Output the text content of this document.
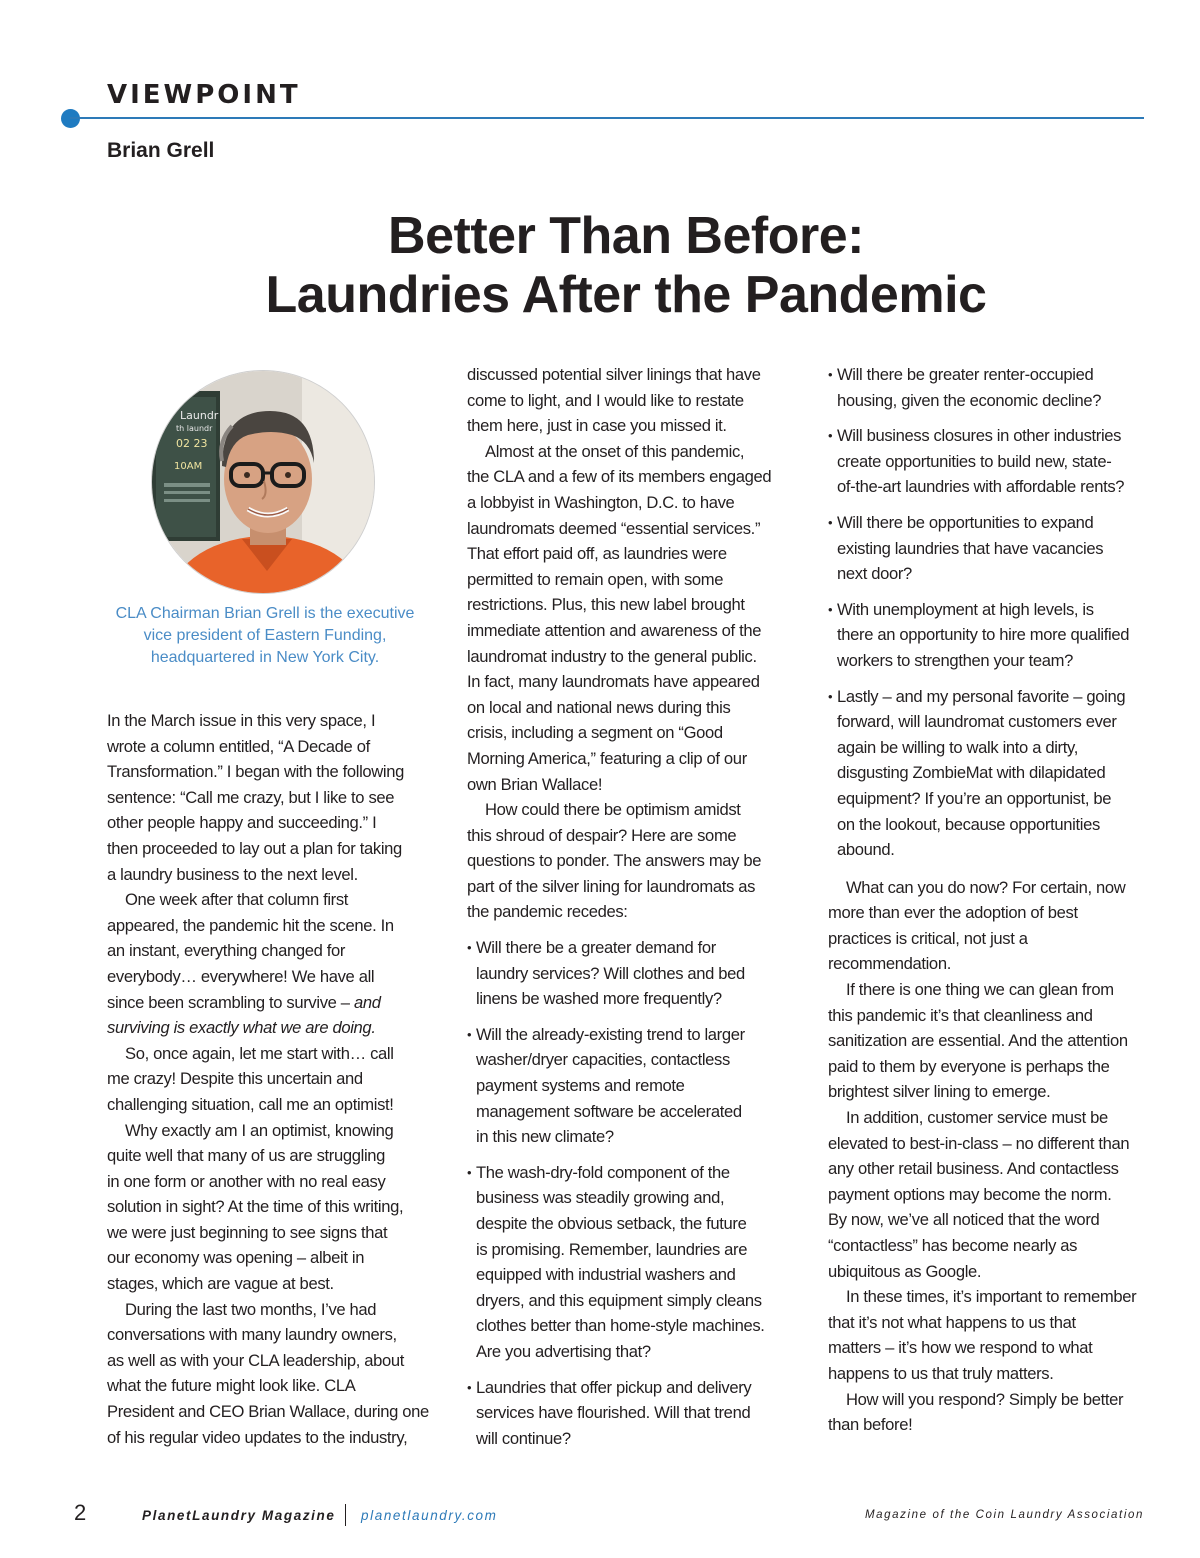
VIEWPOINT
Brian Grell
Better Than Before:
Laundries After the Pandemic
Laundr
th laundr
02 23
10AM
CLA Chairman Brian Grell is the executive
vice president of Eastern Funding,
headquartered in New York City.

In the March issue in this very space, I
wrote a column entitled, “A Decade of
Transformation.” I began with the following
sentence: “Call me crazy, but I like to see
other people happy and succeeding.” I
then proceeded to lay out a plan for taking
a laundry business to the next level.

One week after that column first
appeared, the pandemic hit the scene. In
an instant, everything changed for
everybody… everywhere! We have all
since been scrambling to survive – and
surviving is exactly what we are doing.

So, once again, let me start with… call
me crazy! Despite this uncertain and
challenging situation, call me an optimist!

Why exactly am I an optimist, knowing
quite well that many of us are struggling
in one form or another with no real easy
solution in sight? At the time of this writing,
we were just beginning to see signs that
our economy was opening – albeit in
stages, which are vague at best.

During the last two months, I’ve had
conversations with many laundry owners,
as well as with your CLA leadership, about
what the future might look like. CLA
President and CEO Brian Wallace, during one
of his regular video updates to the industry,

discussed potential silver linings that have
come to light, and I would like to restate
them here, just in case you missed it.

Almost at the onset of this pandemic,
the CLA and a few of its members engaged
a lobbyist in Washington, D.C. to have
laundromats deemed “essential services.”
That effort paid off, as laundries were
permitted to remain open, with some
restrictions. Plus, this new label brought
immediate attention and awareness of the
laundromat industry to the general public.
In fact, many laundromats have appeared
on local and national news during this
crisis, including a segment on “Good
Morning America,” featuring a clip of our
own Brian Wallace!

How could there be optimism amidst
this shroud of despair? Here are some
questions to ponder. The answers may be
part of the silver lining for laundromats as
the pandemic recedes:

• Will there be a greater demand for
laundry services? Will clothes and bed
linens be washed more frequently?
• Will the already-existing trend to larger
washer/dryer capacities, contactless
payment systems and remote
management software be accelerated
in this new climate?
• The wash-dry-fold component of the
business was steadily growing and,
despite the obvious setback, the future
is promising. Remember, laundries are
equipped with industrial washers and
dryers, and this equipment simply cleans
clothes better than home-style machines.
Are you advertising that?
• Laundries that offer pickup and delivery
services have flourished. Will that trend
will continue?
• Will there be greater renter-occupied
housing, given the economic decline?
• Will business closures in other industries
create opportunities to build new, state-
of-the-art laundries with affordable rents?
• Will there be opportunities to expand
existing laundries that have vacancies
next door?
• With unemployment at high levels, is
there an opportunity to hire more qualified
workers to strengthen your team?
• Lastly – and my personal favorite – going
forward, will laundromat customers ever
again be willing to walk into a dirty,
disgusting ZombieMat with dilapidated
equipment? If you’re an opportunist, be
on the lookout, because opportunities
abound.

What can you do now? For certain, now
more than ever the adoption of best
practices is critical, not just a
recommendation.

If there is one thing we can glean from
this pandemic it’s that cleanliness and
sanitization are essential. And the attention
paid to them by everyone is perhaps the
brightest silver lining to emerge.

In addition, customer service must be
elevated to best-in-class – no different than
any other retail business. And contactless
payment options may become the norm.
By now, we’ve all noticed that the word
“contactless” has become nearly as
ubiquitous as Google.

In these times, it’s important to remember
that it’s not what happens to us that
matters – it’s how we respond to what
happens to us that truly matters.

How will you respond? Simply be better
than before!

2	PlanetLaundry Magazine planetlaundry.com	Magazine of the Coin Laundry Association
